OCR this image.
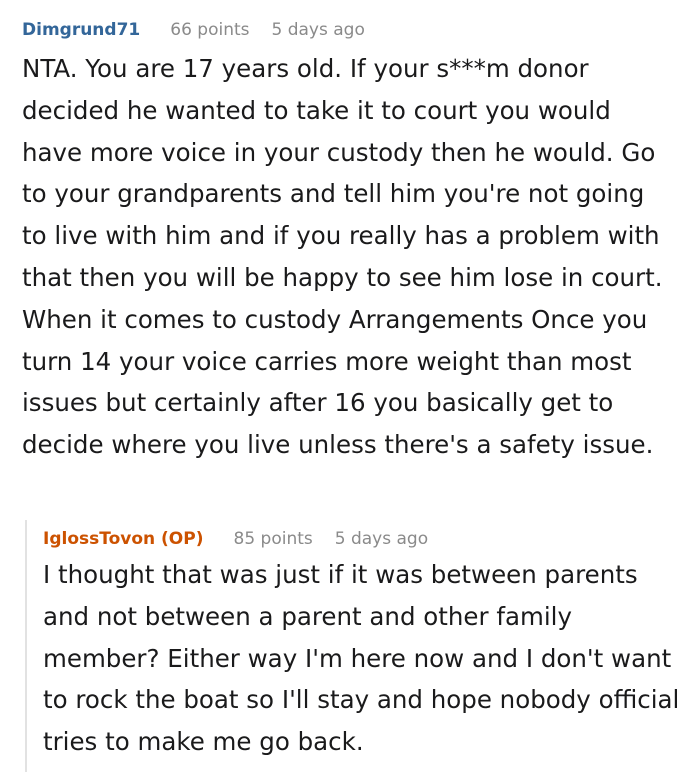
Dimgrund71 66 points 5 days ago
NTA. You are 17 years old. If your s***m donor decided he wanted to take it to court you would have more voice in your custody then he would. Go to your grandparents and tell him you're not going to live with him and if you really has a problem with that then you will be happy to see him lose in court. When it comes to custody Arrangements Once you turn 14 your voice carries more weight than most issues but certainly after 16 you basically get to decide where you live unless there's a safety issue.
IglossTovon (OP) 85 points 5 days ago
I thought that was just if it was between parents and not between a parent and other family member? Either way I'm here now and I don't want to rock the boat so I'll stay and hope nobody official tries to make me go back.
